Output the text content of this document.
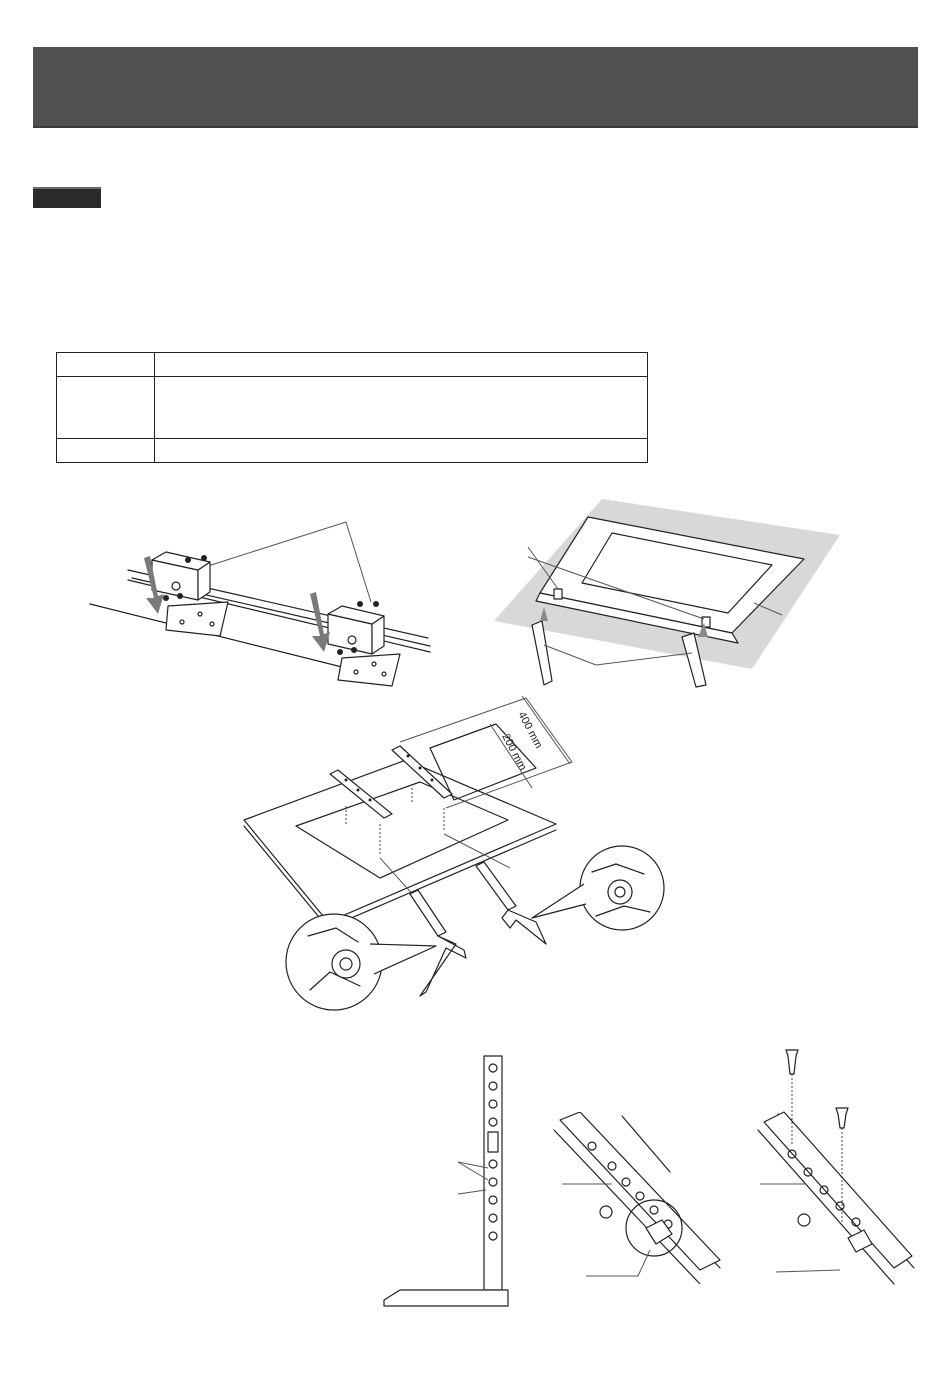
400 mm
200 mm
